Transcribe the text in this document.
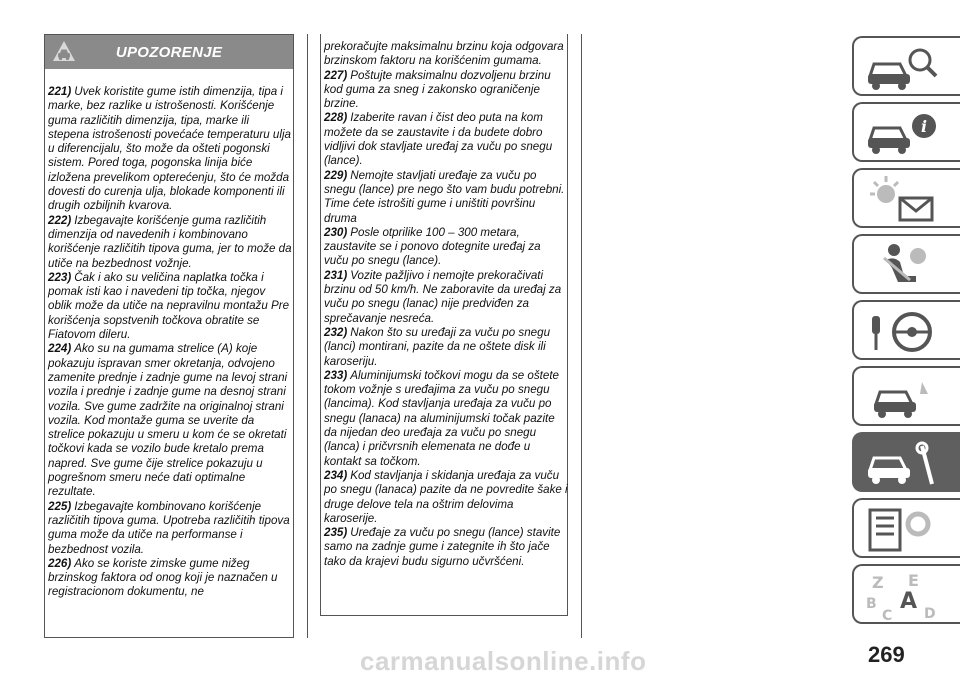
UPOZORENJE

221) Uvek koristite gume istih dimenzija, tipa i marke, bez razlike u istrošenosti. Korišćenje guma različitih dimenzija, tipa, marke ili stepena istrošenosti povećaće temperaturu ulja u diferencijalu, što može da ošteti pogonski sistem. Pored toga, pogonska linija biće izložena prevelikom opterećenju, što će možda dovesti do curenja ulja, blokade komponenti ili drugih ozbiljnih kvarova.

222) Izbegavajte korišćenje guma različitih dimenzija od navedenih i kombinovano korišćenje različitih tipova guma, jer to može da utiče na bezbednost vožnje.

223) Čak i ako su veličina naplatka točka i pomak isti kao i navedeni tip točka, njegov oblik može da utiče na nepravilnu montažu Pre korišćenja sopstvenih točkova obratite se Fiatovom dileru.

224) Ako su na gumama strelice (A) koje pokazuju ispravan smer okretanja, odvojeno zamenite prednje i zadnje gume na levoj strani vozila i prednje i zadnje gume na desnoj strani vozila. Sve gume zadržite na originalnoj strani vozila. Kod montaže guma se uverite da strelice pokazuju u smeru u kom će se okretati točkovi kada se vozilo bude kretalo prema napred. Sve gume čije strelice pokazuju u pogrešnom smeru neće dati optimalne rezultate.

225) Izbegavajte kombinovano korišćenje različitih tipova guma. Upotreba različitih tipova guma može da utiče na performanse i bezbednost vozila.

226) Ako se koriste zimske gume nižeg brzinskog faktora od onog koji je naznačen u registracionom dokumentu, ne

prekoračujte maksimalnu brzinu koja odgovara brzinskom faktoru na korišćenim gumama.

227) Poštujte maksimalnu dozvoljenu brzinu kod guma za sneg i zakonsko ograničenje brzine.

228) Izaberite ravan i čist deo puta na kom možete da se zaustavite i da budete dobro vidljivi dok stavljate uređaj za vuču po snegu (lance).

229) Nemojte stavljati uređaje za vuču po snegu (lance) pre nego što vam budu potrebni. Time ćete istrošiti gume i uništiti površinu druma

230) Posle otprilike 100 – 300 metara, zaustavite se i ponovo dotegnite uređaj za vuču po snegu (lance).

231) Vozite pažljivo i nemojte prekoračivati brzinu od 50 km/h. Ne zaboravite da uređaj za vuču po snegu (lanac) nije predviđen za sprečavanje nesreća.

232) Nakon što su uređaji za vuču po snegu (lanci) montirani, pazite da ne oštete disk ili karoseriju.

233) Aluminijumski točkovi mogu da se oštete tokom vožnje s uređajima za vuču po snegu (lancima). Kod stavljanja uređaja za vuču po snegu (lanaca) na aluminijumski točak pazite da nijedan deo uređaja za vuču po snegu (lanca) i pričvrsnih elemenata ne dođe u kontakt sa točkom.

234) Kod stavljanja i skidanja uređaja za vuču po snegu (lanaca) pazite da ne povredite šake i druge delove tela na oštrim delovima karoserije.

235) Uređaje za vuču po snegu (lance) stavite samo na zadnje gume i zategnite ih što jače tako da krajevi budu sigurno učvršćeni.

i
Z E
B A
C D
269
carmanualsonline.info
